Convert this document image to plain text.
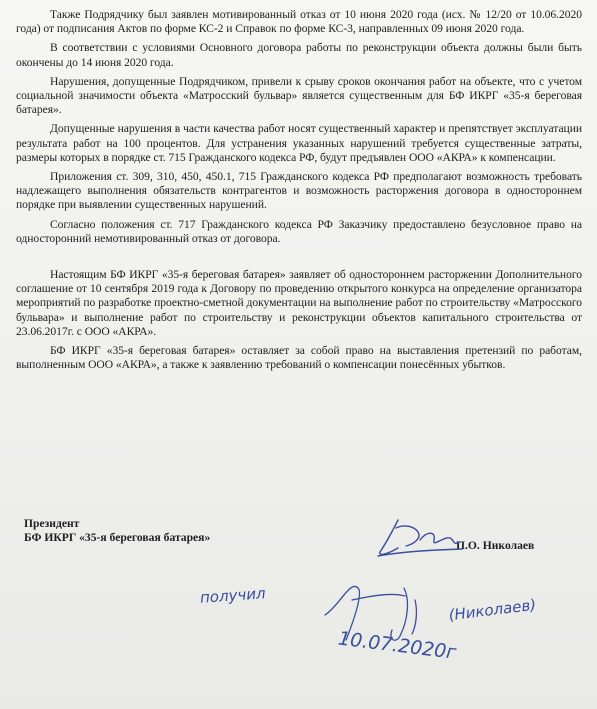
Также Подрядчику был заявлен мотивированный отказ от 10 июня 2020 года (исх. № 12/20 от 10.06.2020 года) от подписания Актов по форме КС-2 и Справок по форме КС-3, направленных 09 июня 2020 года.

В соответствии с условиями Основного договора работы по реконструкции объекта должны были быть окончены до 14 июня 2020 года.

Нарушения, допущенные Подрядчиком, привели к срыву сроков окончания работ на объекте, что с учетом социальной значимости объекта «Матросский бульвар» является существенным для БФ ИКРГ «35-я береговая батарея».

Допущенные нарушения в части качества работ носят существенный характер и препятствует эксплуатации результата работ на 100 процентов. Для устранения указанных нарушений требуется существенные затраты, размеры которых в порядке ст. 715 Гражданского кодекса РФ, будут предъявлен ООО «АКРА» к компенсации.

Приложения ст. 309, 310, 450, 450.1, 715 Гражданского кодекса РФ предполагают возможность требовать надлежащего выполнения обязательств контрагентов и возможность расторжения договора в одностороннем порядке при выявлении существенных нарушений.

Согласно положения ст. 717 Гражданского кодекса РФ Заказчику предоставлено безусловное право на односторонний немотивированный отказ от договора.

Настоящим БФ ИКРГ «35-я береговая батарея» заявляет об одностороннем расторжении Дополнительного соглашение от 10 сентября 2019 года к Договору по проведению открытого конкурса на определение организатора мероприятий по разработке проектно-сметной документации на выполнение работ по строительству «Матросского бульвара» и выполнение работ по строительству и реконструкции объектов капитального строительства от 23.06.2017г. с ООО «АКРА».

БФ ИКРГ «35-я береговая батарея» оставляет за собой право на выставления претензий по работам, выполненным ООО «АКРА», а также к заявлению требований о компенсации понесённых убытков.

Президент
БФ ИКРГ «35-я береговая батарея»
П.О. Николаев
получил
(Николаев)
10.07.2020г
